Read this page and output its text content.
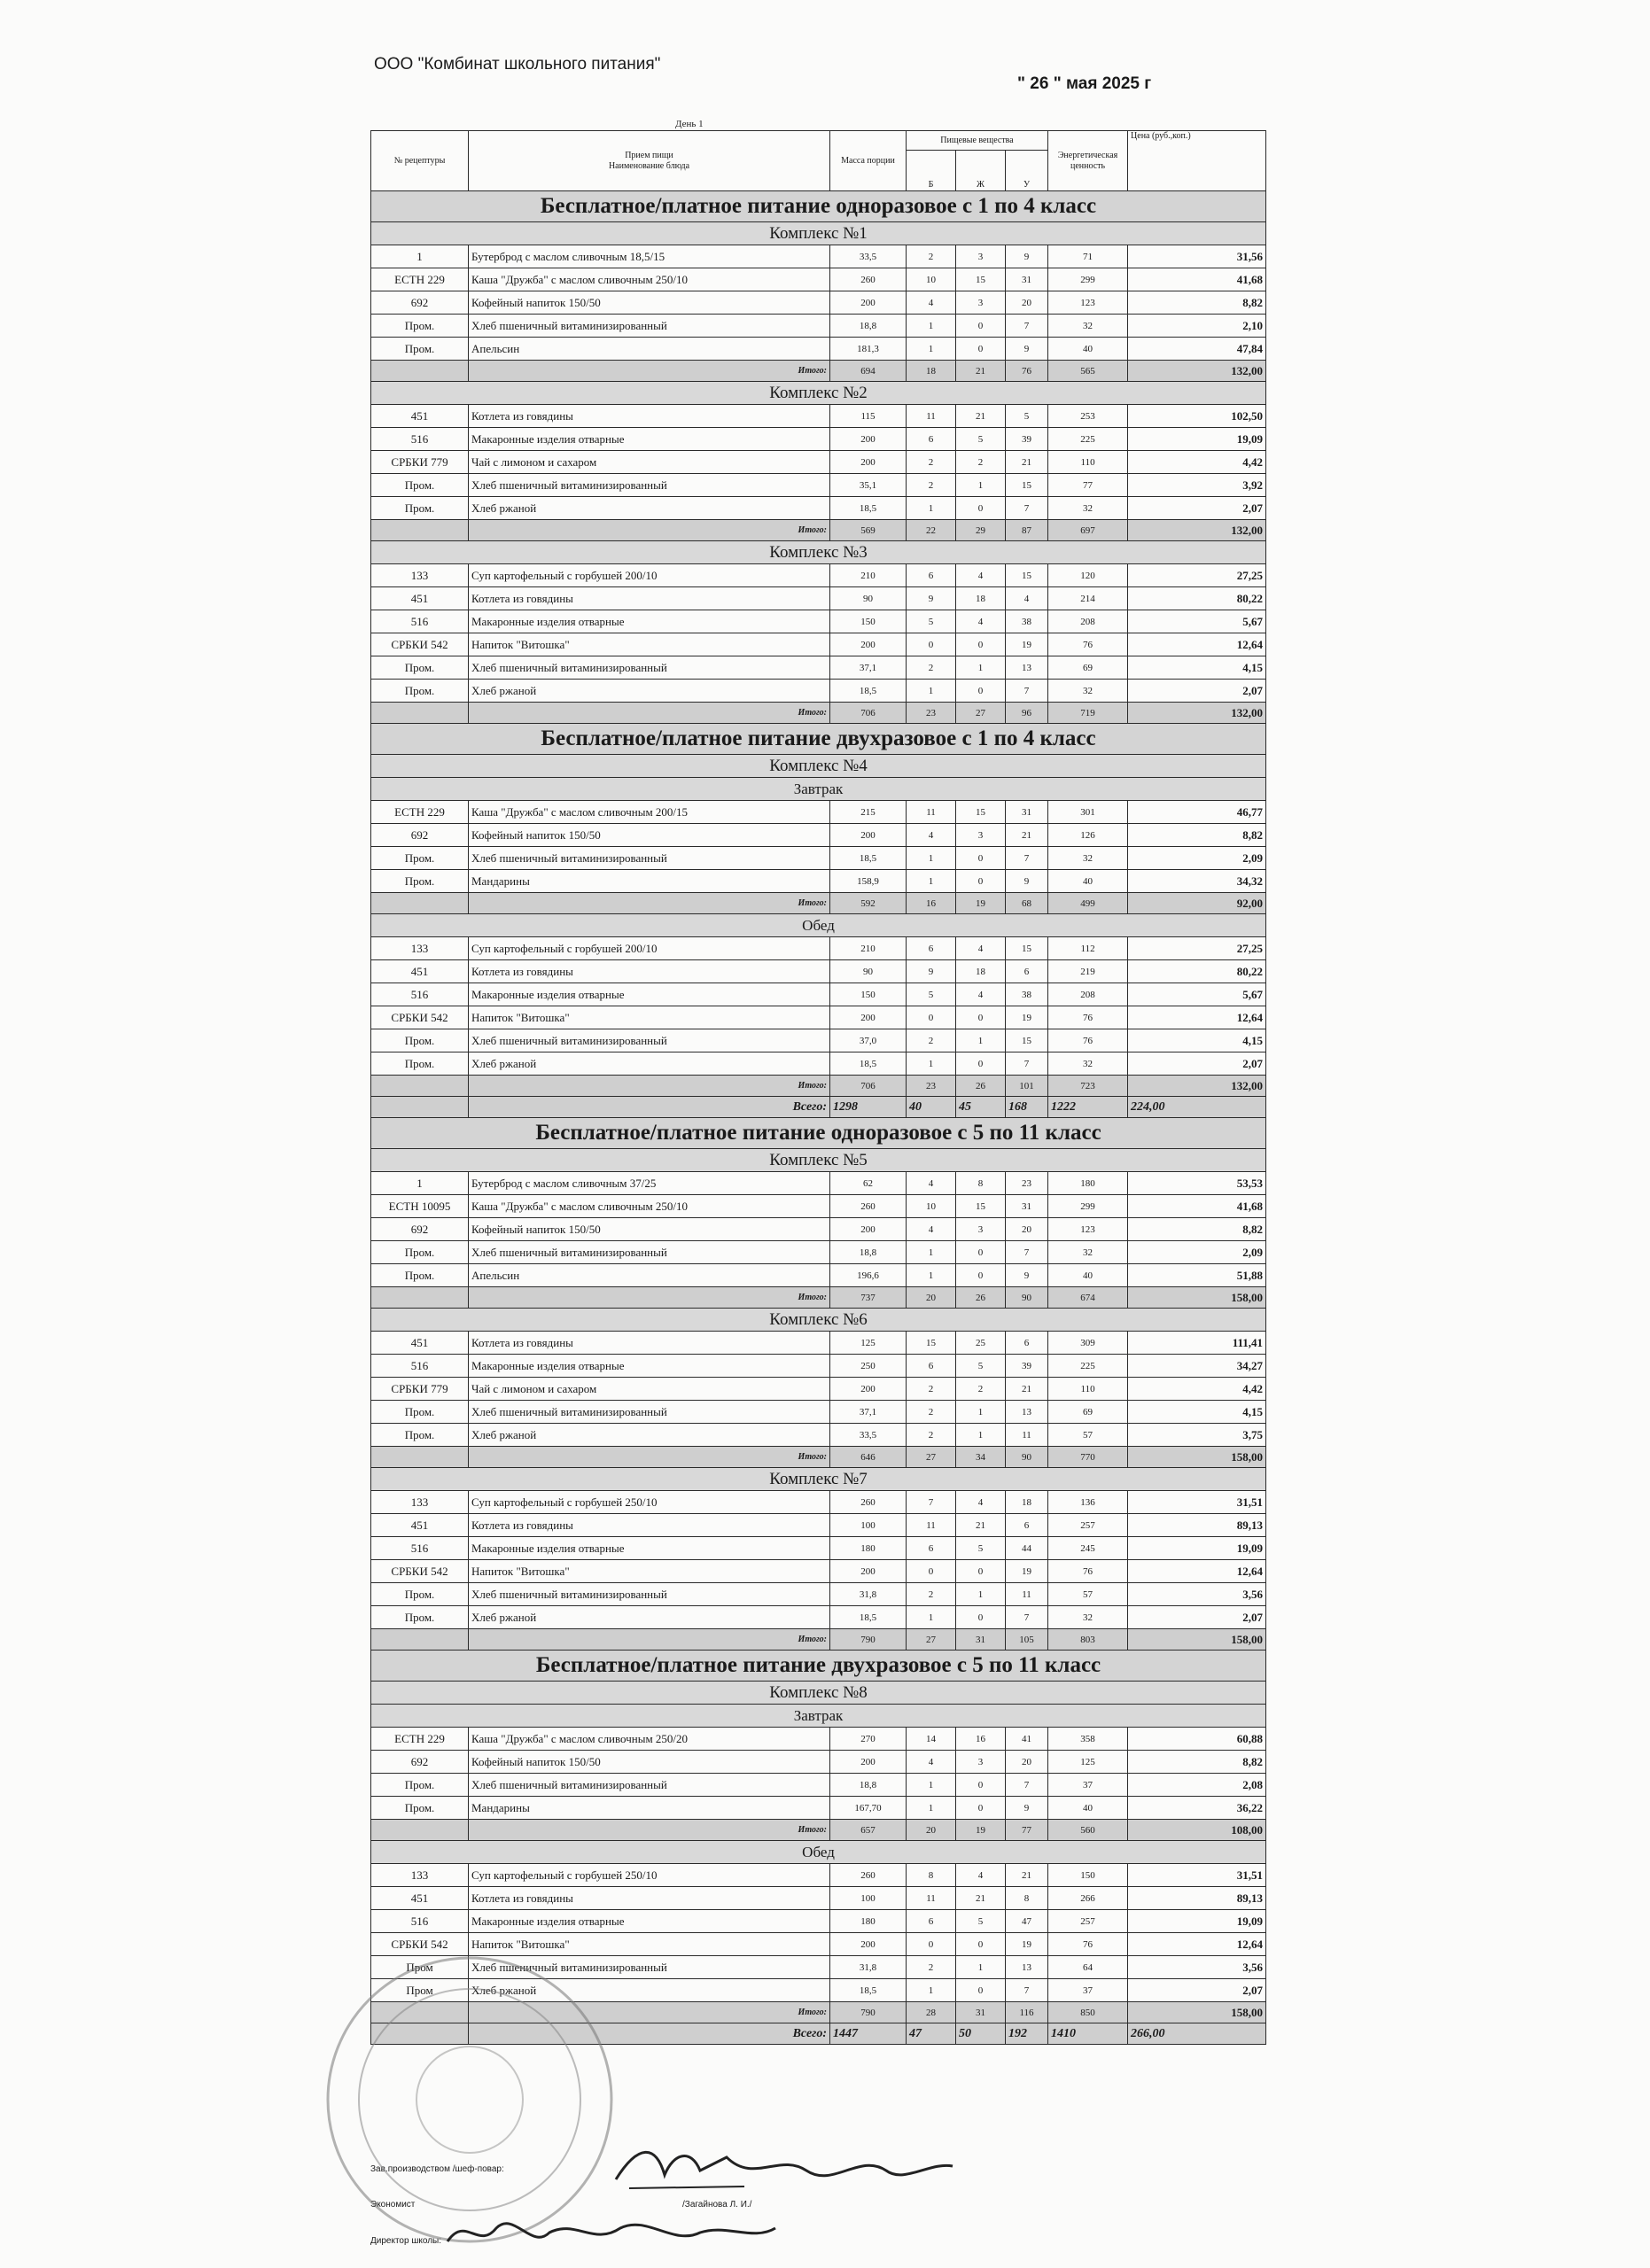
ООО "Комбинат школьного питания"
" 26 " мая 2025 г
День 1
№ рецептуры	Прием пищи
Наименование блюда	Масса порции	Пищевые вещества			Энергетическая ценность	Цена (руб.,коп.)
			Б	Ж	У		
Бесплатное/платное питание одноразовое с 1 по 4 класс							
Комплекс №1							
1	Бутерброд с маслом сливочным 18,5/15	33,5	2	3	9	71	31,56
ЕСТН 229	Каша "Дружба" с маслом сливочным 250/10	260	10	15	31	299	41,68
692	Кофейный напиток 150/50	200	4	3	20	123	8,82
Пром.	Хлеб пшеничный витаминизированный	18,8	1	0	7	32	2,10
Пром.	Апельсин	181,3	1	0	9	40	47,84
	Итого:	694	18	21	76	565	132,00
Комплекс №2							
451	Котлета из говядины	115	11	21	5	253	102,50
516	Макаронные изделия отварные	200	6	5	39	225	19,09
СРБКИ 779	Чай с лимоном и сахаром	200	2	2	21	110	4,42
Пром.	Хлеб пшеничный витаминизированный	35,1	2	1	15	77	3,92
Пром.	Хлеб ржаной	18,5	1	0	7	32	2,07
	Итого:	569	22	29	87	697	132,00
Комплекс №3							
133	Суп картофельный с горбушей 200/10	210	6	4	15	120	27,25
451	Котлета из говядины	90	9	18	4	214	80,22
516	Макаронные изделия отварные	150	5	4	38	208	5,67
СРБКИ 542	Напиток "Витошка"	200	0	0	19	76	12,64
Пром.	Хлеб пшеничный витаминизированный	37,1	2	1	13	69	4,15
Пром.	Хлеб ржаной	18,5	1	0	7	32	2,07
	Итого:	706	23	27	96	719	132,00
Бесплатное/платное питание двухразовое с 1 по 4 класс							
Комплекс №4							
Завтрак							
ЕСТН 229	Каша "Дружба" с маслом сливочным 200/15	215	11	15	31	301	46,77
692	Кофейный напиток 150/50	200	4	3	21	126	8,82
Пром.	Хлеб пшеничный витаминизированный	18,5	1	0	7	32	2,09
Пром.	Мандарины	158,9	1	0	9	40	34,32
	Итого:	592	16	19	68	499	92,00
Обед							
133	Суп картофельный с горбушей 200/10	210	6	4	15	112	27,25
451	Котлета из говядины	90	9	18	6	219	80,22
516	Макаронные изделия отварные	150	5	4	38	208	5,67
СРБКИ 542	Напиток "Витошка"	200	0	0	19	76	12,64
Пром.	Хлеб пшеничный витаминизированный	37,0	2	1	15	76	4,15
Пром.	Хлеб ржаной	18,5	1	0	7	32	2,07
	Итого:	706	23	26	101	723	132,00
	Всего:	1298	40	45	168	1222	224,00
Бесплатное/платное питание одноразовое с 5 по 11 класс							
Комплекс №5							
1	Бутерброд с маслом сливочным 37/25	62	4	8	23	180	53,53
ЕСТН 10095	Каша "Дружба" с маслом сливочным 250/10	260	10	15	31	299	41,68
692	Кофейный напиток 150/50	200	4	3	20	123	8,82
Пром.	Хлеб пшеничный витаминизированный	18,8	1	0	7	32	2,09
Пром.	Апельсин	196,6	1	0	9	40	51,88
	Итого:	737	20	26	90	674	158,00
Комплекс №6							
451	Котлета из говядины	125	15	25	6	309	111,41
516	Макаронные изделия отварные	250	6	5	39	225	34,27
СРБКИ 779	Чай с лимоном и сахаром	200	2	2	21	110	4,42
Пром.	Хлеб пшеничный витаминизированный	37,1	2	1	13	69	4,15
Пром.	Хлеб ржаной	33,5	2	1	11	57	3,75
	Итого:	646	27	34	90	770	158,00
Комплекс №7							
133	Суп картофельный с горбушей 250/10	260	7	4	18	136	31,51
451	Котлета из говядины	100	11	21	6	257	89,13
516	Макаронные изделия отварные	180	6	5	44	245	19,09
СРБКИ 542	Напиток "Витошка"	200	0	0	19	76	12,64
Пром.	Хлеб пшеничный витаминизированный	31,8	2	1	11	57	3,56
Пром.	Хлеб ржаной	18,5	1	0	7	32	2,07
	Итого:	790	27	31	105	803	158,00
Бесплатное/платное питание двухразовое с 5 по 11 класс							
Комплекс №8							
Завтрак							
ЕСТН 229	Каша "Дружба" с маслом сливочным 250/20	270	14	16	41	358	60,88
692	Кофейный напиток 150/50	200	4	3	20	125	8,82
Пром.	Хлеб пшеничный витаминизированный	18,8	1	0	7	37	2,08
Пром.	Мандарины	167,70	1	0	9	40	36,22
	Итого:	657	20	19	77	560	108,00
Обед							
133	Суп картофельный с горбушей 250/10	260	8	4	21	150	31,51
451	Котлета из говядины	100	11	21	8	266	89,13
516	Макаронные изделия отварные	180	6	5	47	257	19,09
СРБКИ 542	Напиток "Витошка"	200	0	0	19	76	12,64
Пром	Хлеб пшеничный витаминизированный	31,8	2	1	13	64	3,56
Пром	Хлеб ржаной	18,5	1	0	7	37	2,07
	Итого:	790	28	31	116	850	158,00
	Всего:	1447	47	50	192	1410	266,00
Зав.производством /шеф-повар:
Экономист	/Загайнова Л. И./
Директор школы:
